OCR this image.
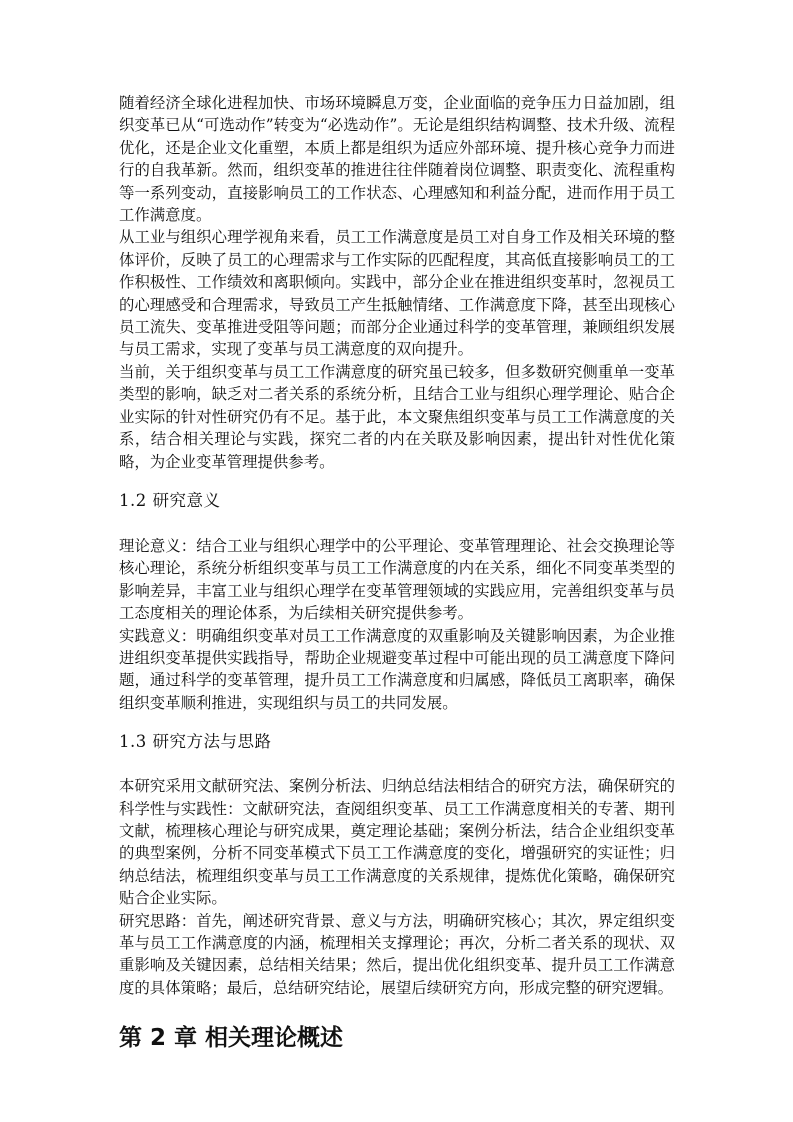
随着经济全球化进程加快、市场环境瞬息万变，企业面临的竞争压力日益加剧，组织变革已从“可选动作”转变为“必选动作”。无论是组织结构调整、技术升级、流程优化，还是企业文化重塑，本质上都是组织为适应外部环境、提升核心竞争力而进行的自我革新。然而，组织变革的推进往往伴随着岗位调整、职责变化、流程重构等一系列变动，直接影响员工的工作状态、心理感知和利益分配，进而作用于员工工作满意度。

从工业与组织心理学视角来看，员工工作满意度是员工对自身工作及相关环境的整体评价，反映了员工的心理需求与工作实际的匹配程度，其高低直接影响员工的工作积极性、工作绩效和离职倾向。实践中，部分企业在推进组织变革时，忽视员工的心理感受和合理需求，导致员工产生抵触情绪、工作满意度下降，甚至出现核心员工流失、变革推进受阻等问题；而部分企业通过科学的变革管理，兼顾组织发展与员工需求，实现了变革与员工满意度的双向提升。

当前，关于组织变革与员工工作满意度的研究虽已较多，但多数研究侧重单一变革类型的影响，缺乏对二者关系的系统分析，且结合工业与组织心理学理论、贴合企业实际的针对性研究仍有不足。基于此，本文聚焦组织变革与员工工作满意度的关系，结合相关理论与实践，探究二者的内在关联及影响因素，提出针对性优化策略，为企业变革管理提供参考。

1.2 研究意义

理论意义：结合工业与组织心理学中的公平理论、变革管理理论、社会交换理论等核心理论，系统分析组织变革与员工工作满意度的内在关系，细化不同变革类型的影响差异，丰富工业与组织心理学在变革管理领域的实践应用，完善组织变革与员工态度相关的理论体系，为后续相关研究提供参考。

实践意义：明确组织变革对员工工作满意度的双重影响及关键影响因素，为企业推进组织变革提供实践指导，帮助企业规避变革过程中可能出现的员工满意度下降问题，通过科学的变革管理，提升员工工作满意度和归属感，降低员工离职率，确保组织变革顺利推进，实现组织与员工的共同发展。

1.3 研究方法与思路

本研究采用文献研究法、案例分析法、归纳总结法相结合的研究方法，确保研究的科学性与实践性：文献研究法，查阅组织变革、员工工作满意度相关的专著、期刊文献，梳理核心理论与研究成果，奠定理论基础；案例分析法，结合企业组织变革的典型案例，分析不同变革模式下员工工作满意度的变化，增强研究的实证性；归纳总结法，梳理组织变革与员工工作满意度的关系规律，提炼优化策略，确保研究贴合企业实际。

研究思路：首先，阐述研究背景、意义与方法，明确研究核心；其次，界定组织变革与员工工作满意度的内涵，梳理相关支撑理论；再次，分析二者关系的现状、双重影响及关键因素，总结相关结果；然后，提出优化组织变革、提升员工工作满意度的具体策略；最后，总结研究结论，展望后续研究方向，形成完整的研究逻辑。

第 2 章 相关理论概述
